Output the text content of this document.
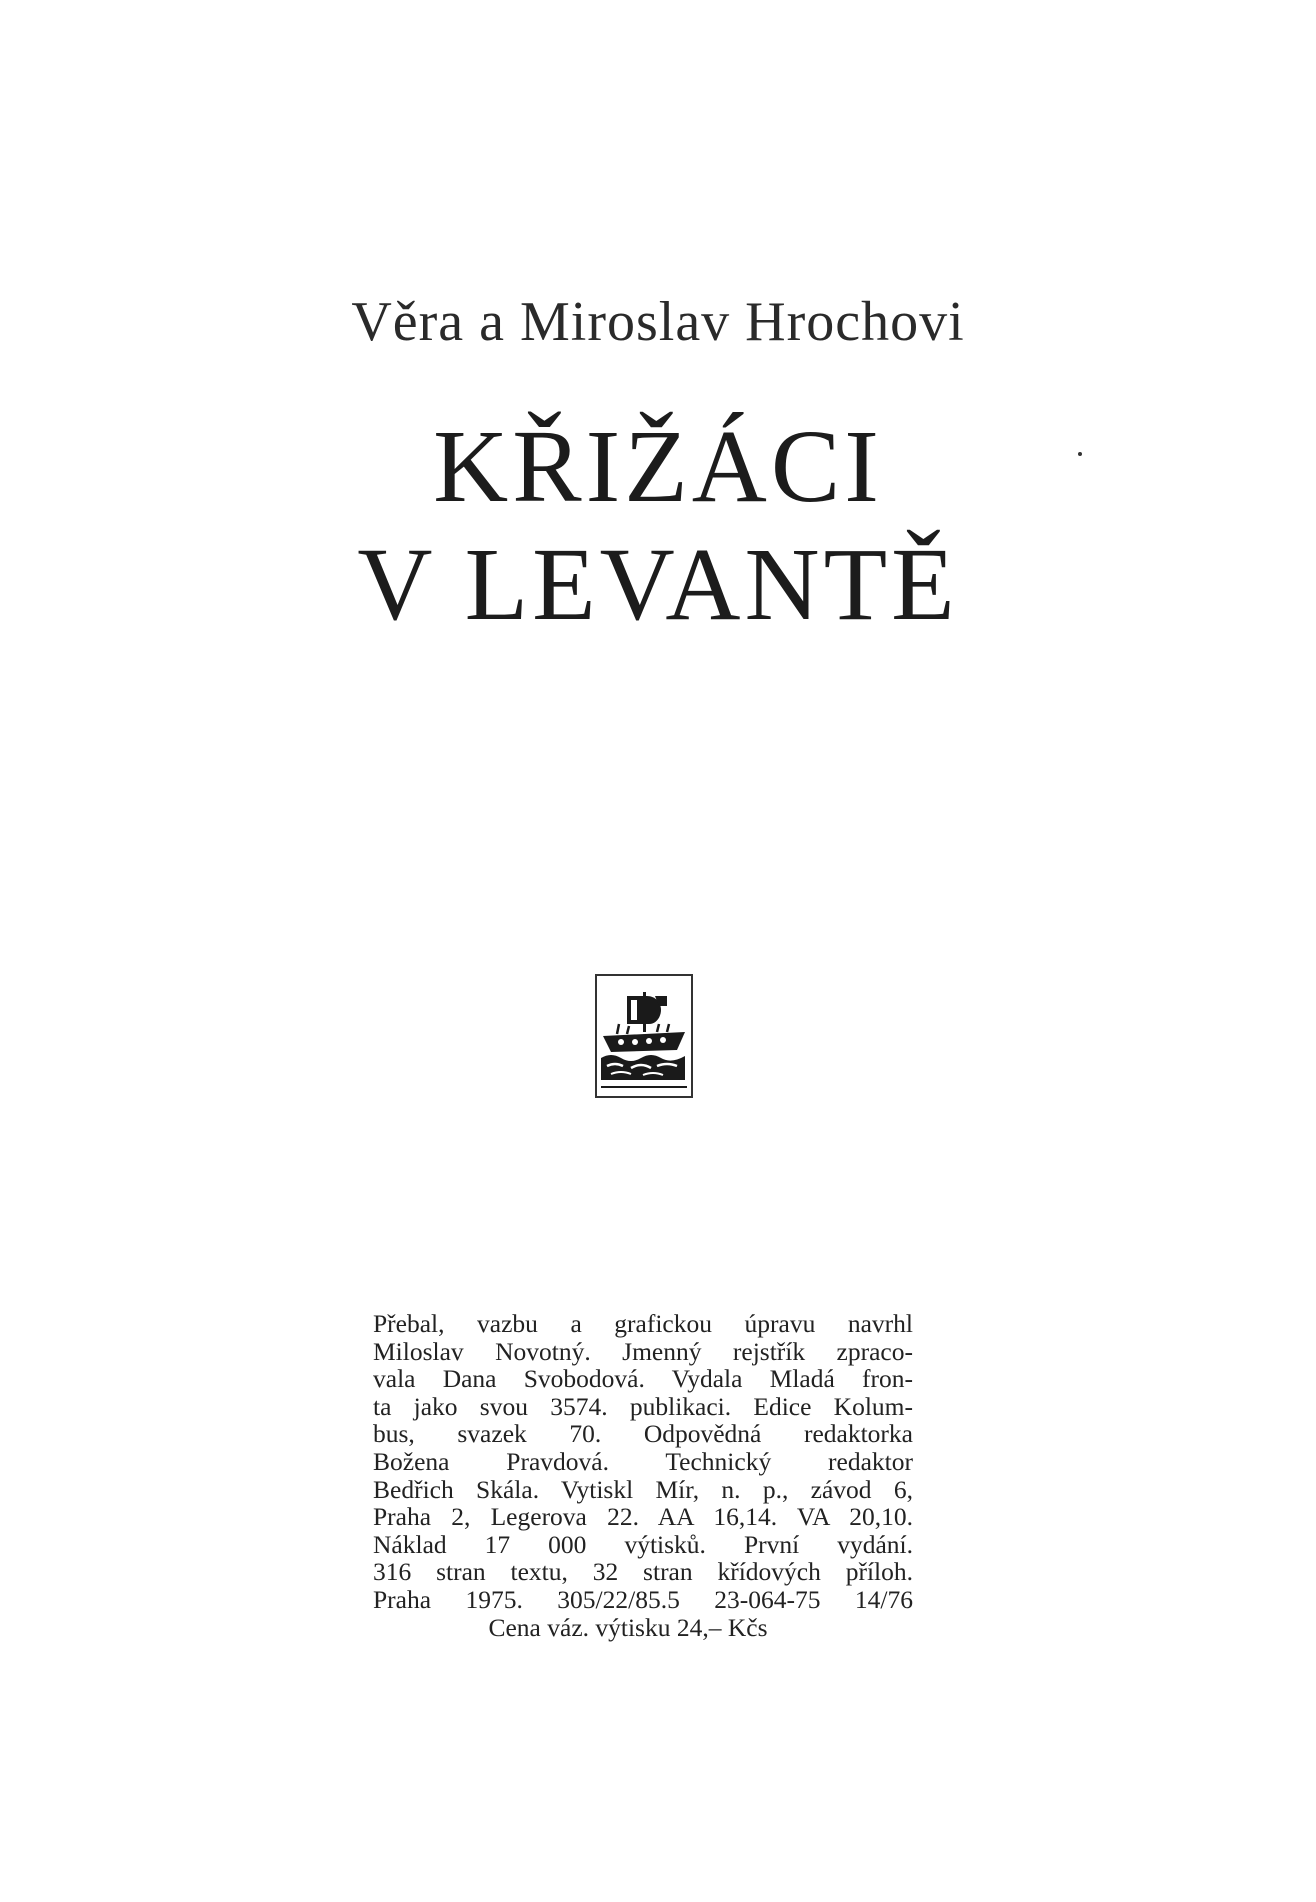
Věra a Miroslav Hrochovi
KŘIŽÁCI
V LEVANTĚ
Přebal, vazbu a grafickou úpravu navrhl
Miloslav Novotný. Jmenný rejstřík zpraco-
vala Dana Svobodová. Vydala Mladá fron-
ta jako svou 3574. publikaci. Edice Kolum-
bus, svazek 70. Odpovědná redaktorka
Božena Pravdová. Technický redaktor
Bedřich Skála. Vytiskl Mír, n. p., závod 6,
Praha 2, Legerova 22. AA 16,14. VA 20,10.
Náklad 17 000 výtisků. První vydání.
316 stran textu, 32 stran křídových příloh.
Praha 1975. 305/22/85.5 23-064-75 14/76
Cena váz. výtisku 24,– Kčs
